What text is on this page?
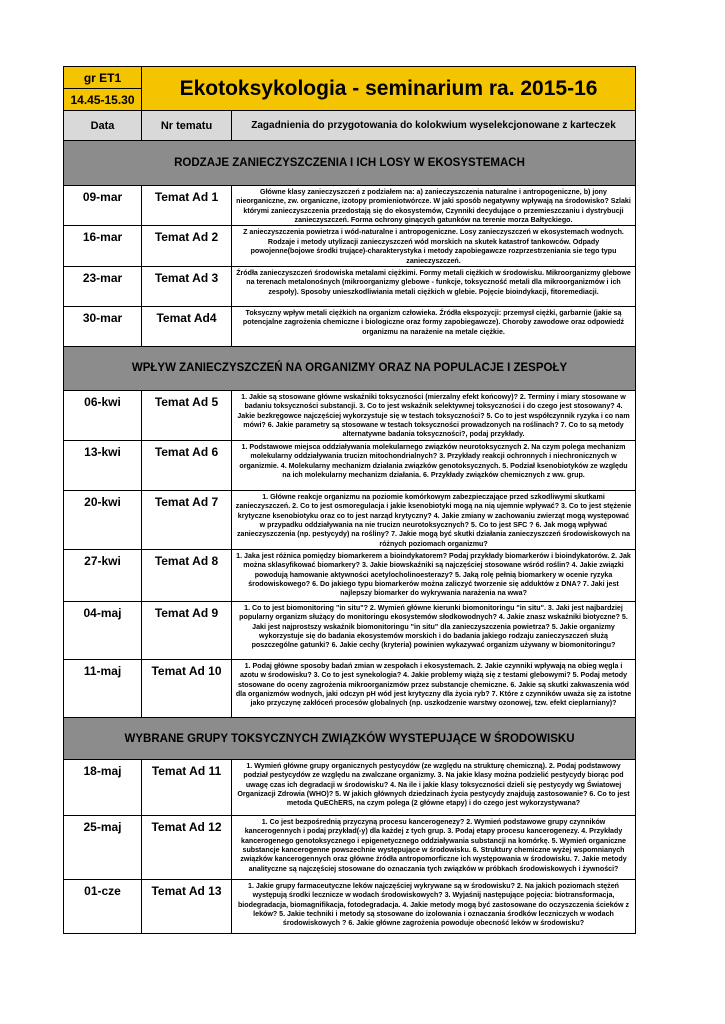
gr ET1	Ekotoksykologia - seminarium ra. 2015-16	
14.45-15.30		
Data	Nr tematu	Zagadnienia do przygotowania do kolokwium wyselekcjonowane z karteczek
RODZAJE ZANIECZYSZCZENIA I ICH LOSY W EKOSYSTEMACH		
09-mar	Temat Ad 1	Główne klasy zanieczyszczeń z podziałem na: a) zanieczyszczenia naturalne i antropogeniczne, b) jony nieorganiczne, zw. organiczne, izotopy promieniotwórcze. W jaki sposób negatywny wpływają na środowisko? Szlaki którymi zanieczyszczenia przedostają się do ekosystemów, Czynniki decydujące o przemieszczaniu i dystrybucji zanieczyszczeń. Forma ochrony ginących gatunków na terenie morza Bałtyckiego.
16-mar	Temat Ad 2	Z anieczyszczenia powietrza i wód-naturalne i antropogeniczne. Losy zanieczyszczeń w ekosystemach wodnych. Rodzaje i metody utylizacji zanieczyszczeń wód morskich na skutek katastrof tankowców. Odpady powojenne(bojowe środki trujące)-charakterystyka i metody zapobiegawcze rozprzestrzeniania sie tego typu zanieczyszczeń.
23-mar	Temat Ad 3	Źródła zanieczyszczeń środowiska metalami ciężkimi. Formy metali ciężkich w środowisku. Mikroorganizmy glebowe na terenach metalonośnych (mikroorganizmy glebowe - funkcje, toksyczność metali dla mikroorganizmów i ich zespoły). Sposoby unieszkodliwiania metali ciężkich w glebie. Pojęcie bioindykacji, fitoremediacji.
30-mar	Temat Ad4	Toksyczny wpływ metali ciężkich na organizm człowieka. Źródła ekspozycji: przemysł ciężki, garbarnie (jakie są potencjalne zagrożenia chemiczne i biologiczne oraz formy zapobiegawcze). Choroby zawodowe oraz odpowiedź organizmu na narażenie na metale ciężkie.
WPŁYW ZANIECZYSZCZEŃ NA ORGANIZMY ORAZ NA POPULACJE I ZESPOŁY		
06-kwi	Temat Ad 5	1. Jakie są stosowane główne wskaźniki toksyczności (mierzalny efekt końcowy)? 2. Terminy i miary stosowane w badaniu toksyczności substancji. 3. Co to jest wskaźnik selektywnej toksyczności i do czego jest stosowany? 4. Jakie bezkręgowce najczęściej wykorzystuje się w testach toksyczności? 5. Co to jest współczynnik ryzyka i co nam mówi? 6. Jakie parametry są stosowane w testach toksyczności prowadzonych na roślinach? 7. Co to są metody alternatywne badania toksyczności?, podaj przykłady.
13-kwi	Temat Ad 6	1. Podstawowe miejsca oddziaływania molekularnego związków neurotoksycznych 2. Na czym polega mechanizm molekularny oddziaływania trucizn mitochondrialnych? 3. Przykłady reakcji ochronnych i niechronicznych w organizmie. 4. Molekularny mechanizm działania związków genotoksycznych. 5. Podział ksenobiotyków ze względu na ich molekularny mechanizm działania. 6. Przykłady związków chemicznych z ww. grup.
20-kwi	Temat Ad 7	1. Główne reakcje organizmu na poziomie komórkowym zabezpieczające przed szkodliwymi skutkami zanieczyszczeń. 2. Co to jest osmoregulacja i jakie ksenobiotyki mogą na nią ujemnie wpływać? 3. Co to jest stężenie krytyczne ksenobiotyku oraz co to jest narząd krytyczny? 4. Jakie zmiany w zachowaniu zwierząt mogą występować w przypadku oddziaływania na nie trucizn neurotoksycznych? 5. Co to jest SFC ? 6. Jak mogą wpływać zanieczyszczenia (np. pestycydy) na rośliny? 7. Jakie mogą być skutki działania zanieczyszczeń środowiskowych na różnych poziomach organizmu?
27-kwi	Temat Ad 8	1. Jaka jest różnica pomiędzy biomarkerem a bioindykatorem? Podaj przykłady biomarkerów i bioindykatorów. 2. Jak można sklasyfikować biomarkery? 3. Jakie biowskaźniki są najczęściej stosowane wśród roślin? 4. Jakie związki powodują hamowanie aktywności acetylocholinoesterazy? 5. Jaką rolę pełnią biomarkery w ocenie ryzyka środowiskowego? 6. Do jakiego typu biomarkerów można zaliczyć tworzenie się adduktów z DNA? 7. Jaki jest najlepszy biomarker do wykrywania narażenia na wwa?
04-maj	Temat Ad 9	1. Co to jest biomonitoring "in situ"? 2. Wymień główne kierunki biomonitoringu "in situ". 3. Jaki jest najbardziej popularny organizm służący do monitoringu ekosystemów słodkowodnych? 4. Jakie znasz wskaźniki biotyczne? 5. Jaki jest najprostszy wskaźnik biomonitoringu "in situ" dla zanieczyszczenia powietrza? 5. Jakie organizmy wykorzystuje się do badania ekosystemów morskich i do badania jakiego rodzaju zanieczyszczeń służą poszczególne gatunki? 6. Jakie cechy (kryteria) powinien wykazywać organizm używany w biomonitoringu?
11-maj	Temat Ad 10	1. Podaj główne sposoby badań zmian w zespołach i ekosystemach. 2. Jakie czynniki wpływają na obieg węgla i azotu w środowisku? 3. Co to jest synekologia? 4. Jakie problemy wiążą się z testami glebowymi? 5. Podaj metody stosowane do oceny zagrożenia mikroorganizmów przez substancje chemiczne. 6. Jakie są skutki zakwaszenia wód dla organizmów wodnych, jaki odczyn pH wód jest krytyczny dla życia ryb? 7. Które z czynników uważa się za istotne jako przyczynę zakłóceń procesów globalnych (np. uszkodzenie warstwy ozonowej, tzw. efekt cieplarniany)?
WYBRANE GRUPY TOKSYCZNYCH ZWIĄZKÓW WYSTEPUJĄCE W ŚRODOWISKU		
18-maj	Temat Ad 11	1. Wymień główne grupy organicznych pestycydów (ze względu na strukturę chemiczną). 2. Podaj podstawowy podział pestycydów ze względu na zwalczane organizmy. 3. Na jakie klasy można podzielić pestycydy biorąc pod uwagę czas ich degradacji w środowisku? 4. Na ile i jakie klasy toksyczności dzieli się pestycydy wg Światowej Organizacji Zdrowia (WHO)? 5. W jakich głównych dziedzinach życia pestycydy znajdują zastosowanie? 6. Co to jest metoda QuEChERS, na czym polega (2 główne etapy) i do czego jest wykorzystywana?
25-maj	Temat Ad 12	1. Co jest bezpośrednią przyczyną procesu kancerogenezy? 2. Wymień podstawowe grupy czynników kancerogennych i podaj przykład(-y) dla każdej z tych grup. 3. Podaj etapy procesu kancerogenezy. 4. Przykłady kancerogenego genotoksycznego i epigenetycznego oddziaływania substancji na komórkę. 5. Wymień organiczne substancje kancerogenne powszechnie występujące w środowisku. 6. Struktury chemiczne wyżej wspomnianych związków kancerogennych oraz główne źródła antropomorficzne ich występowania w środowisku. 7. Jakie metody analityczne są najczęściej stosowane do oznaczania tych związków w próbkach środowiskowych i żywności?
01-cze	Temat Ad 13	1. Jakie grupy farmaceutyczne leków najczęściej wykrywane są w środowisku? 2. Na jakich poziomach stężeń występują środki lecznicze w wodach środowiskowych? 3. Wyjaśnij następujące pojęcia: biotransformacja, biodegradacja, biomagnifikacja, fotodegradacja. 4. Jakie metody mogą być zastosowane do oczyszczenia ścieków z leków? 5. Jakie techniki i metody są stosowane do izolowania i oznaczania środków leczniczych w wodach środowiskowych ? 6. Jakie główne zagrożenia powoduje obecność leków w środowisku?
